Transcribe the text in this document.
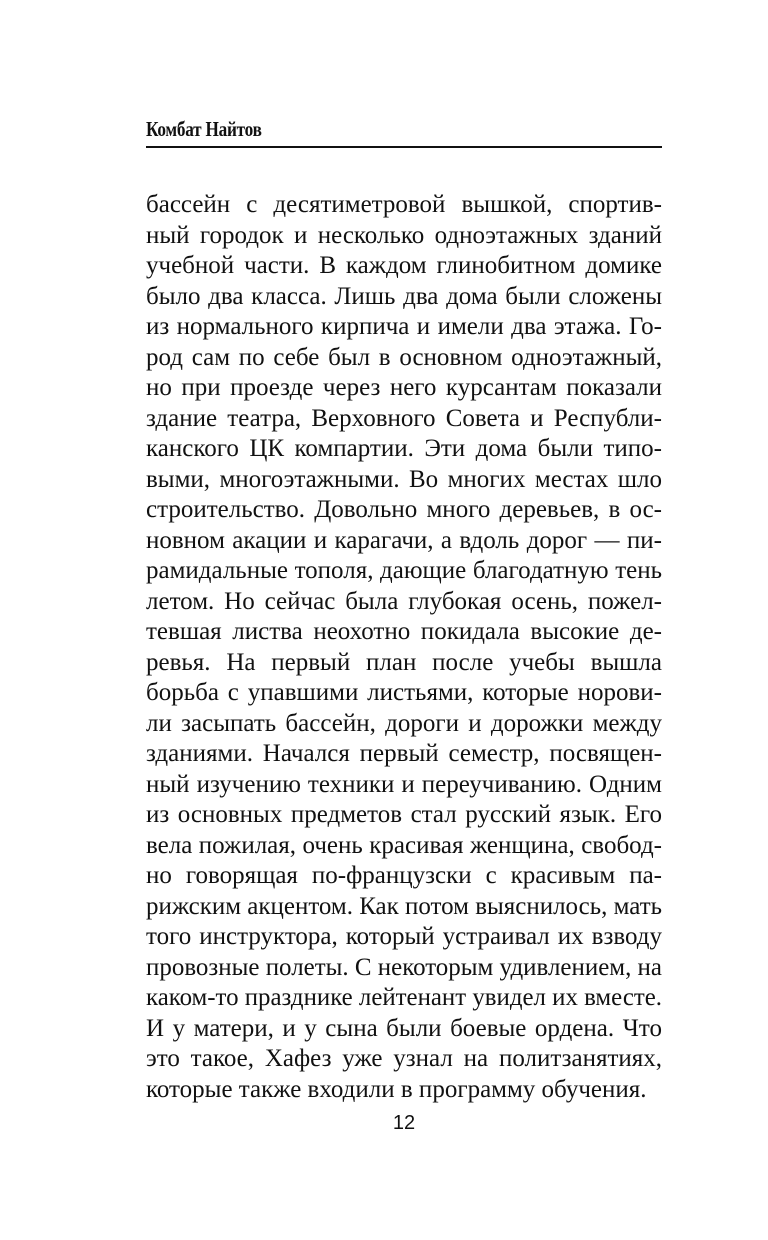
Комбат Найтов
бассейн с десятиметровой вышкой, спортив-
ный городок и несколько одноэтажных зданий
учебной части. В каждом глинобитном домике
было два класса. Лишь два дома были сложены
из нормального кирпича и имели два этажа. Го-
род сам по себе был в основном одноэтажный,
но при проезде через него курсантам показали
здание театра, Верховного Совета и Республи-
канского ЦК компартии. Эти дома были типо-
выми, многоэтажными. Во многих местах шло
строительство. Довольно много деревьев, в ос-
новном акации и карагачи, а вдоль дорог — пи-
рамидальные тополя, дающие благодатную тень
летом. Но сейчас была глубокая осень, пожел-
тевшая листва неохотно покидала высокие де-
ревья. На первый план после учебы вышла
борьба с упавшими листьями, которые норови-
ли засыпать бассейн, дороги и дорожки между
зданиями. Начался первый семестр, посвящен-
ный изучению техники и переучиванию. Одним
из основных предметов стал русский язык. Его
вела пожилая, очень красивая женщина, свобод-
но говорящая по-французски с красивым па-
рижским акцентом. Как потом выяснилось, мать
того инструктора, который устраивал их взводу
провозные полеты. С некоторым удивлением, на
каком-то празднике лейтенант увидел их вместе.
И у матери, и у сына были боевые ордена. Что
это такое, Хафез уже узнал на политзанятиях,
которые также входили в программу обучения.
12
